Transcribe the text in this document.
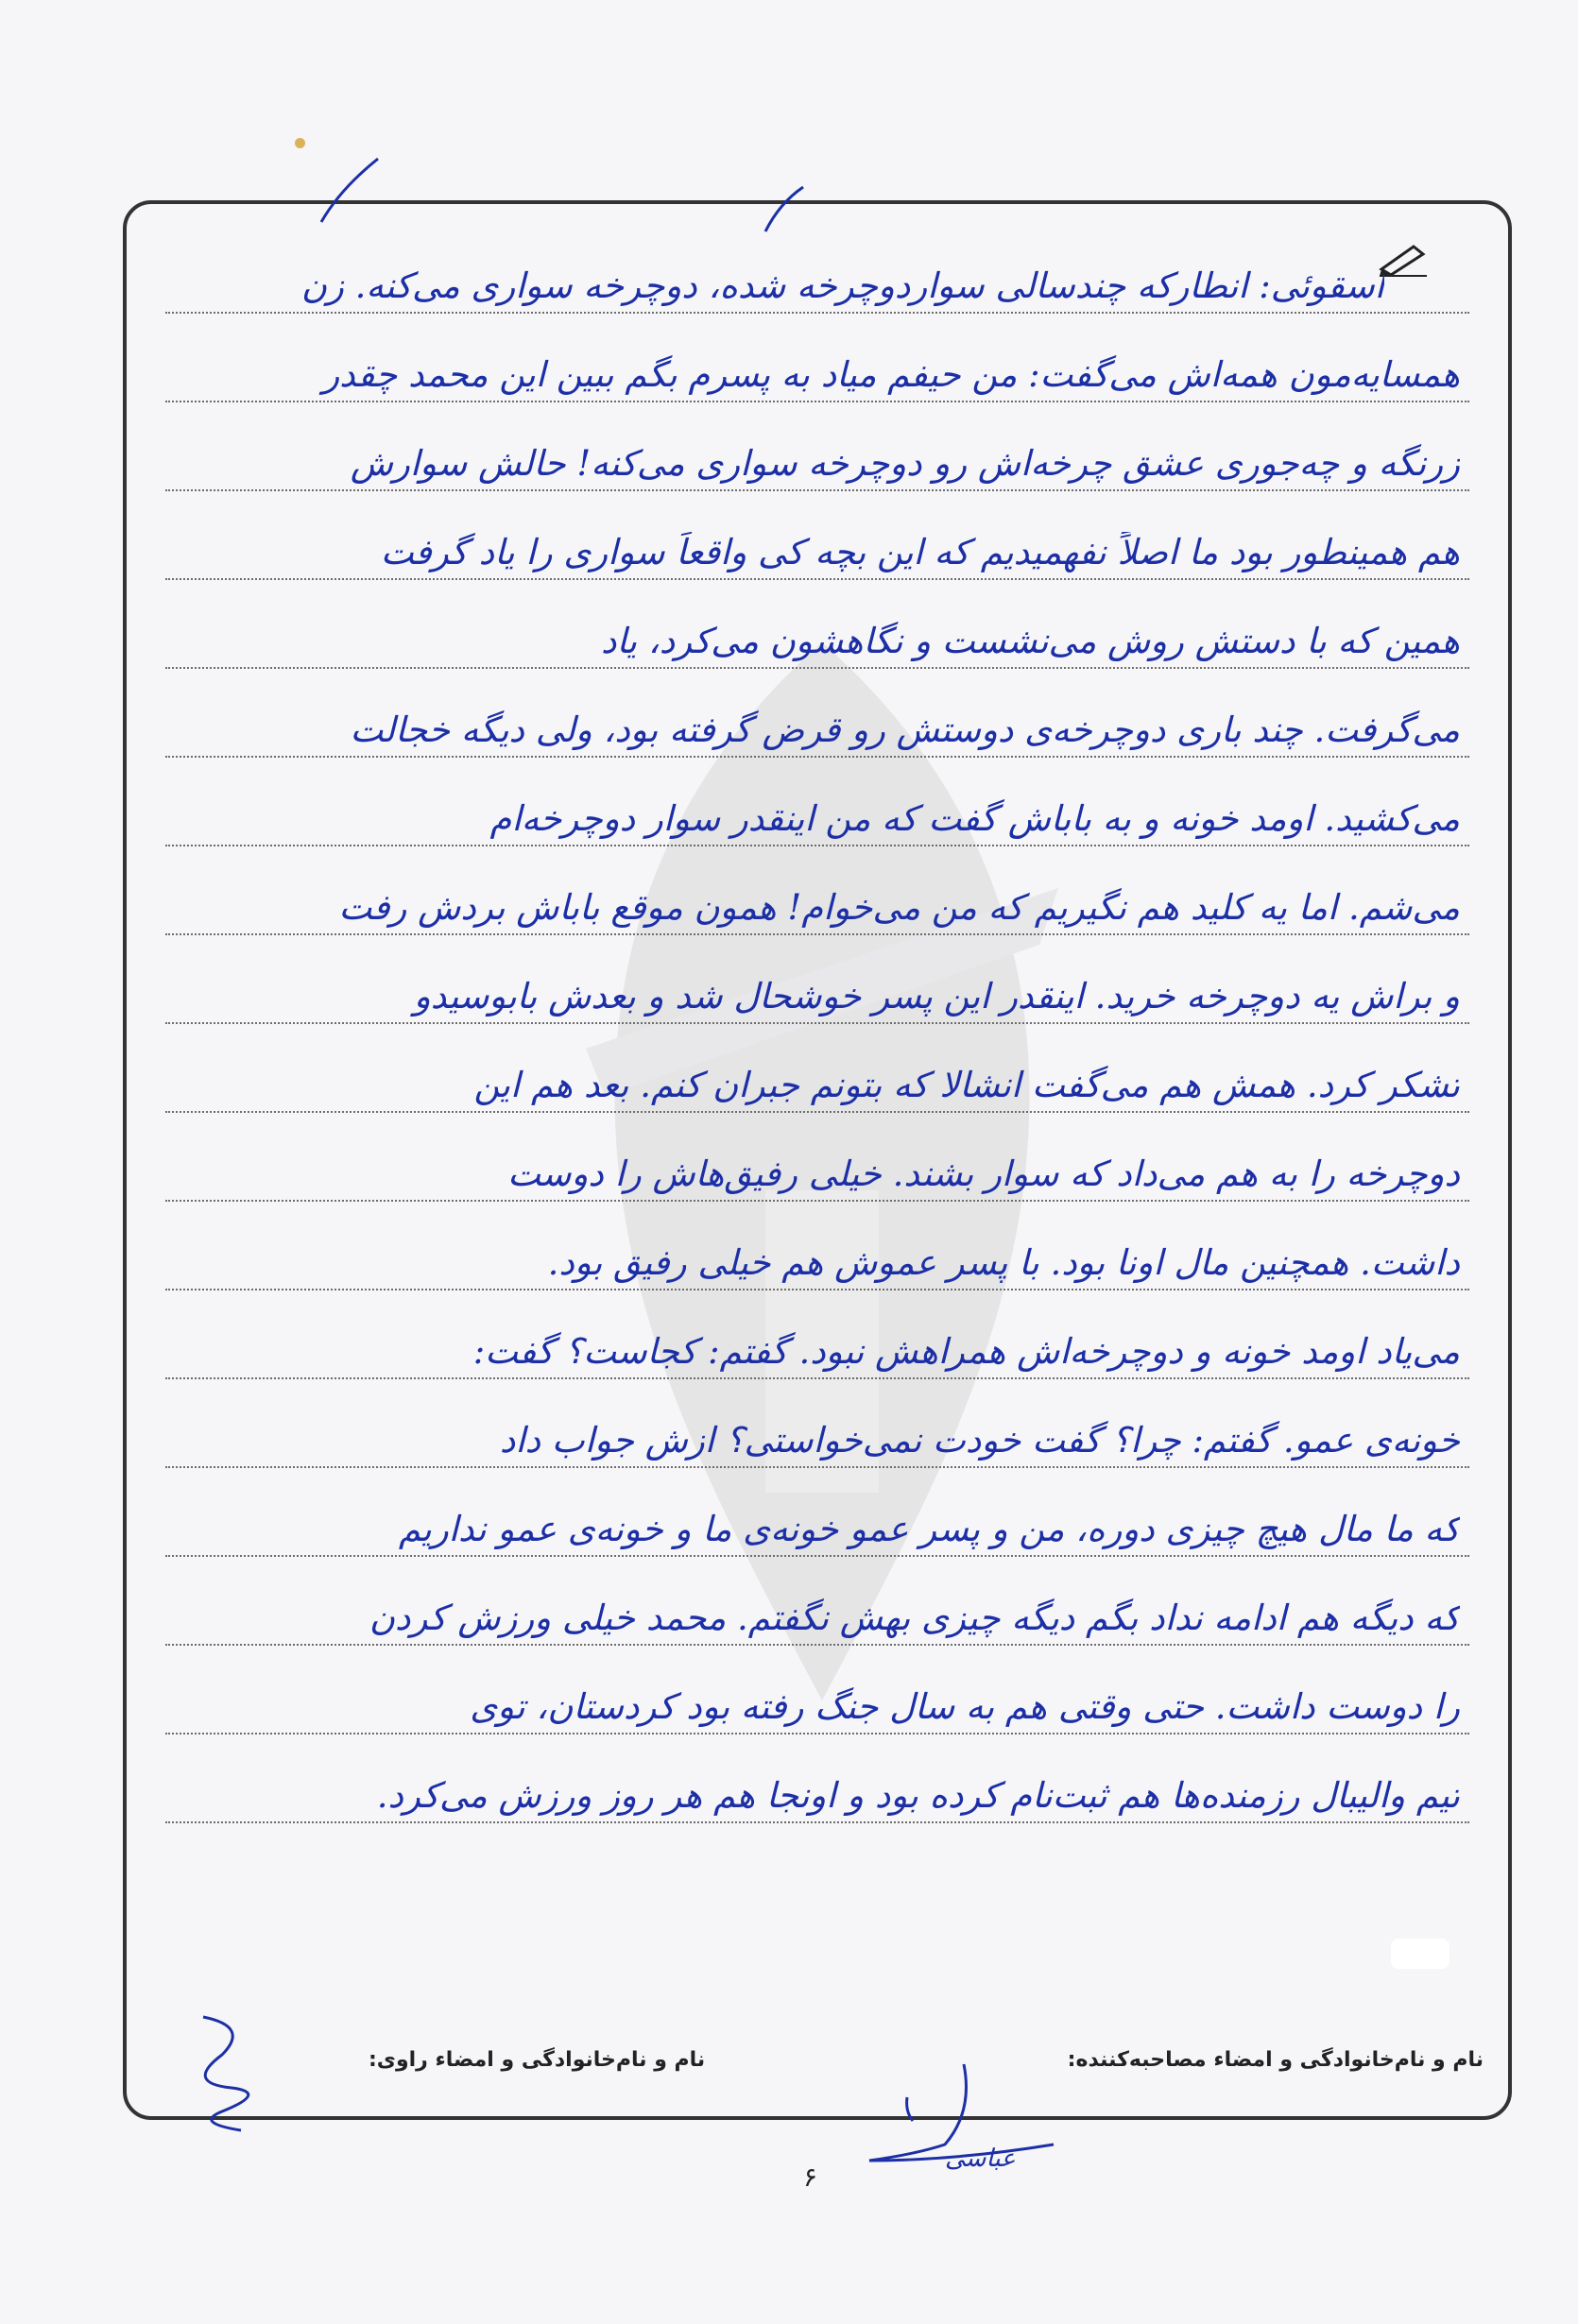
اسقوئی: انطارکه چندسالی سواردوچرخه شده، دوچرخه سواری می‌کنه. زن
همسایه‌مون همه‌اش می‌گفت: من حیفم میاد به پسرم بگم ببین این محمد چقدر
زرنگه و چه‌جوری عشق چرخه‌اش رو دوچرخه سواری می‌کنه! حالش سوارش
هم همینطور بود ما اصلاً نفهمیدیم که این بچه کی واقعاً سواری را یاد گرفت
همین که با دستش روش می‌نشست و نگاهشون می‌کرد، یاد
می‌گرفت. چند باری دوچرخه‌ی دوستش رو قرض گرفته بود، ولی دیگه خجالت
می‌کشید. اومد خونه و به باباش گفت که من اینقدر سوار دوچرخه‌ام
می‌شم. اما یه کلید هم نگیریم که من می‌خوام! همون موقع باباش بردش رفت
و براش یه دوچرخه خرید. اینقدر این پسر خوشحال شد و بعدش بابوسیدو
تشکر کرد. همش هم می‌گفت انشالا که بتونم جبران کنم. بعد هم این
دوچرخه را به هم می‌داد که سوار بشند. خیلی رفیق‌هاش را دوست
داشت. همچنین مال اونا بود. با پسر عموش هم خیلی رفیق بود.
می‌یاد اومد خونه و دوچرخه‌اش همراهش نبود. گفتم: کجاست؟ گفت:
خونه‌ی عمو. گفتم: چرا؟ گفت خودت نمی‌خواستی؟ ازش جواب داد
که ما مال هیچ چیزی دوره، من و پسر عمو خونه‌ی ما و خونه‌ی عمو نداریم
که دیگه هم ادامه نداد بگم دیگه چیزی بهش نگفتم. محمد خیلی ورزش کردن
را دوست داشت. حتی وقتی هم به سال جنگ رفته بود کردستان، توی
تیم والیبال رزمنده‌ها هم ثبت‌نام کرده بود و اونجا هم هر روز ورزش می‌کرد.
نام و نام‌خانوادگی و امضاء مصاحبه‌کننده:
نام و نام‌خانوادگی و امضاء راوی:
عباسی
۶
